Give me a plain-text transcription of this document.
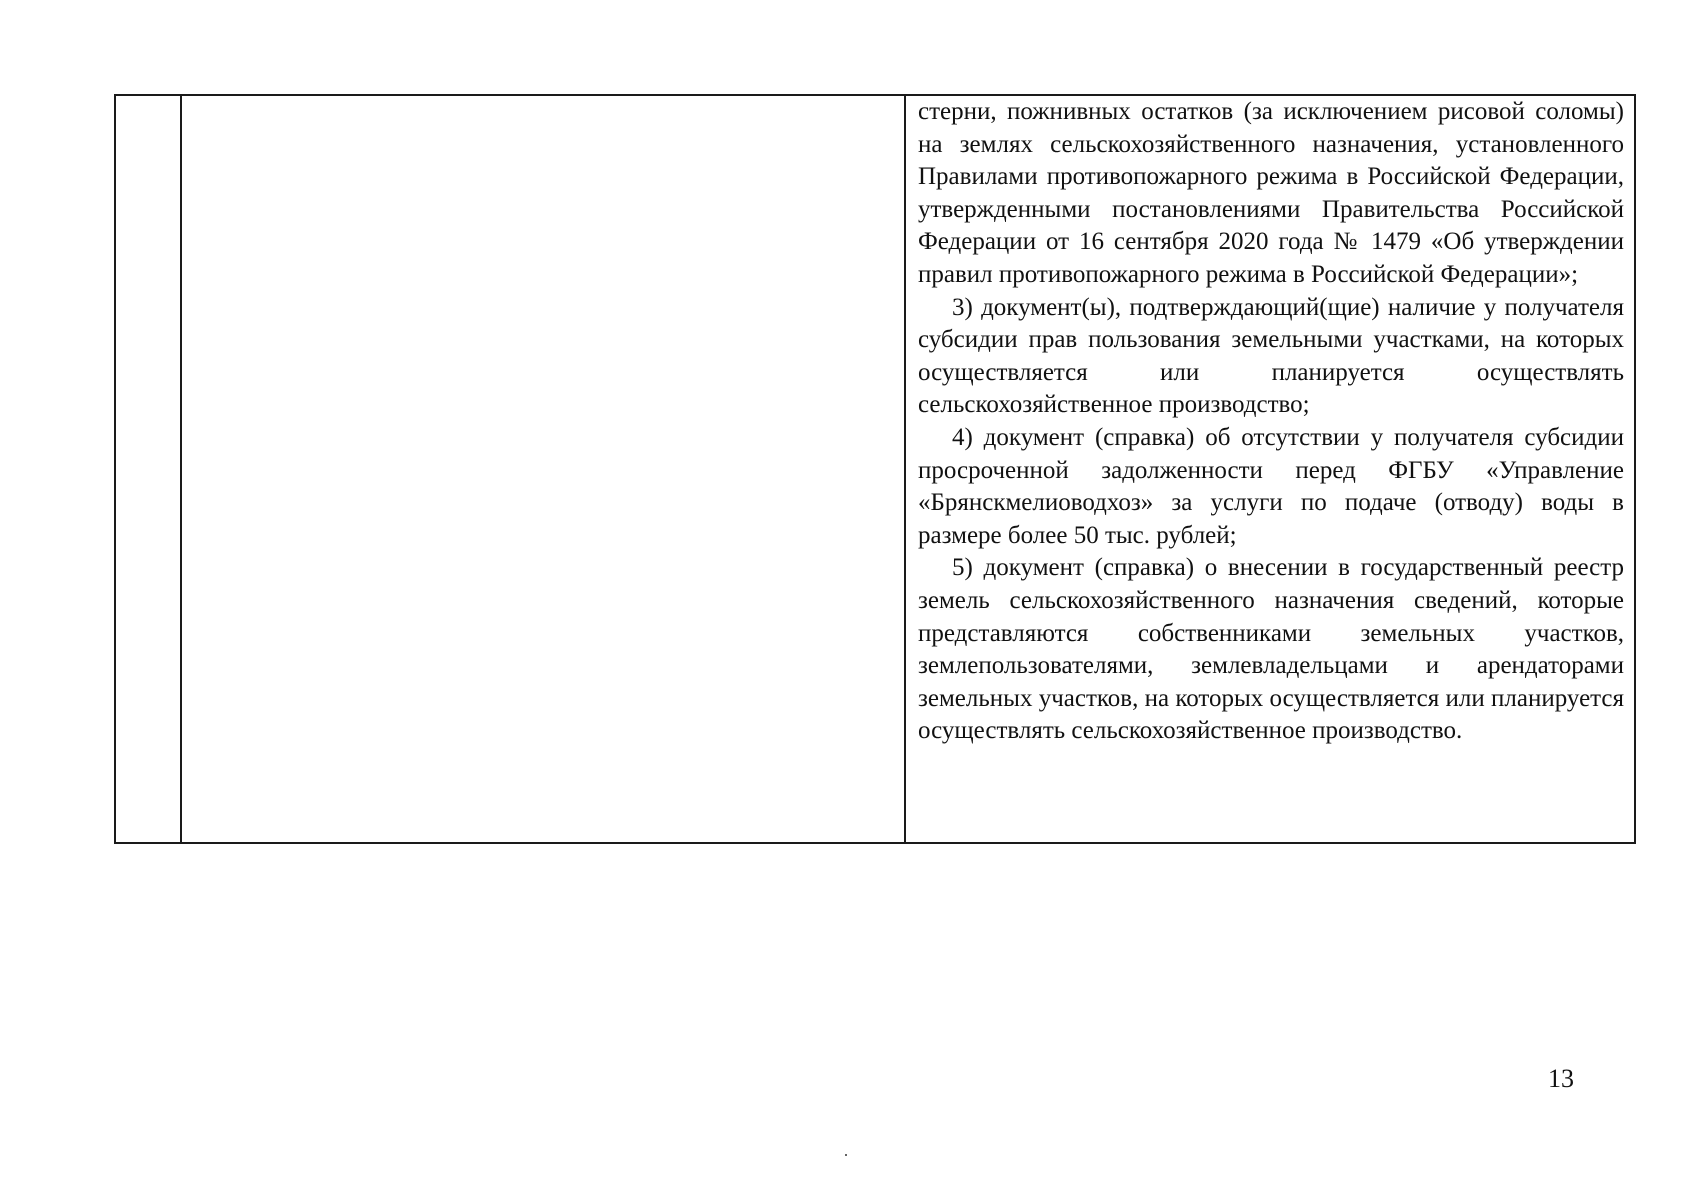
стерни, пожнивных остатков (за исключением рисовой соломы) на землях сельскохозяйственного назначения, установленного Правилами противопожарного режима в Российской Федерации, утвержденными постановлениями Правительства Российской Федерации от 16 сентября 2020 года № 1479 «Об утверждении правил противопожарного режима в Российской Федерации»;

3) документ(ы), подтверждающий(щие) наличие у получателя субсидии прав пользования земельными участками, на которых осуществляется или планируется осуществлять сельскохозяйственное производство;

4) документ (справка) об отсутствии у получателя субсидии просроченной задолженности перед ФГБУ «Управление «Брянскмелиоводхоз» за услуги по подаче (отводу) воды в размере более 50 тыс. рублей;

5) документ (справка) о внесении в государственный реестр земель сельскохозяйственного назначения сведений, которые представляются собственниками земельных участков, землепользователями, землевладельцами и арендаторами земельных участков, на которых осуществляется или планируется осуществлять сельскохозяйственное производство.

13
